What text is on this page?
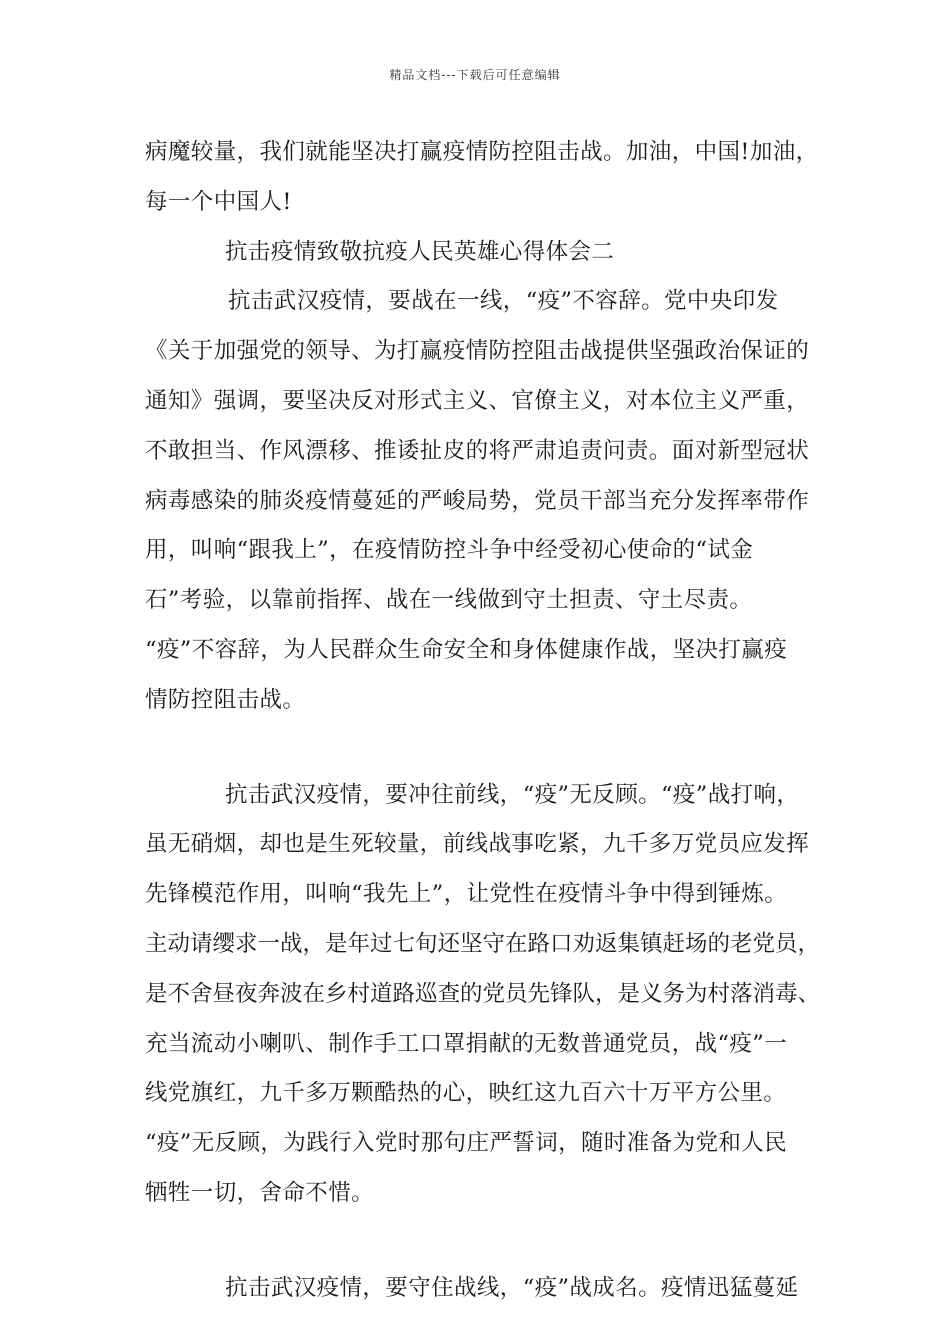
精品文档---下载后可任意编辑
病魔较量，我们就能坚决打赢疫情防控阻击战。加油，中国!加油，
每一个中国人!
抗击疫情致敬抗疫人民英雄心得体会二
抗击武汉疫情，要战在一线，“疫”不容辞。党中央印发
《关于加强党的领导、为打赢疫情防控阻击战提供坚强政治保证的
通知》强调，要坚决反对形式主义、官僚主义，对本位主义严重，
不敢担当、作风漂移、推诿扯皮的将严肃追责问责。面对新型冠状
病毒感染的肺炎疫情蔓延的严峻局势，党员干部当充分发挥率带作
用，叫响“跟我上”，在疫情防控斗争中经受初心使命的“试金
石”考验，以靠前指挥、战在一线做到守土担责、守土尽责。
“疫”不容辞，为人民群众生命安全和身体健康作战，坚决打赢疫
情防控阻击战。
抗击武汉疫情，要冲往前线，“疫”无反顾。“疫”战打响，
虽无硝烟，却也是生死较量，前线战事吃紧，九千多万党员应发挥
先锋模范作用，叫响“我先上”，让党性在疫情斗争中得到锤炼。
主动请缨求一战，是年过七旬还坚守在路口劝返集镇赶场的老党员，
是不舍昼夜奔波在乡村道路巡查的党员先锋队，是义务为村落消毒、
充当流动小喇叭、制作手工口罩捐献的无数普通党员，战“疫”一
线党旗红，九千多万颗酷热的心，映红这九百六十万平方公里。
“疫”无反顾，为践行入党时那句庄严誓词，随时准备为党和人民
牺牲一切，舍命不惜。
抗击武汉疫情，要守住战线，“疫”战成名。疫情迅猛蔓延
